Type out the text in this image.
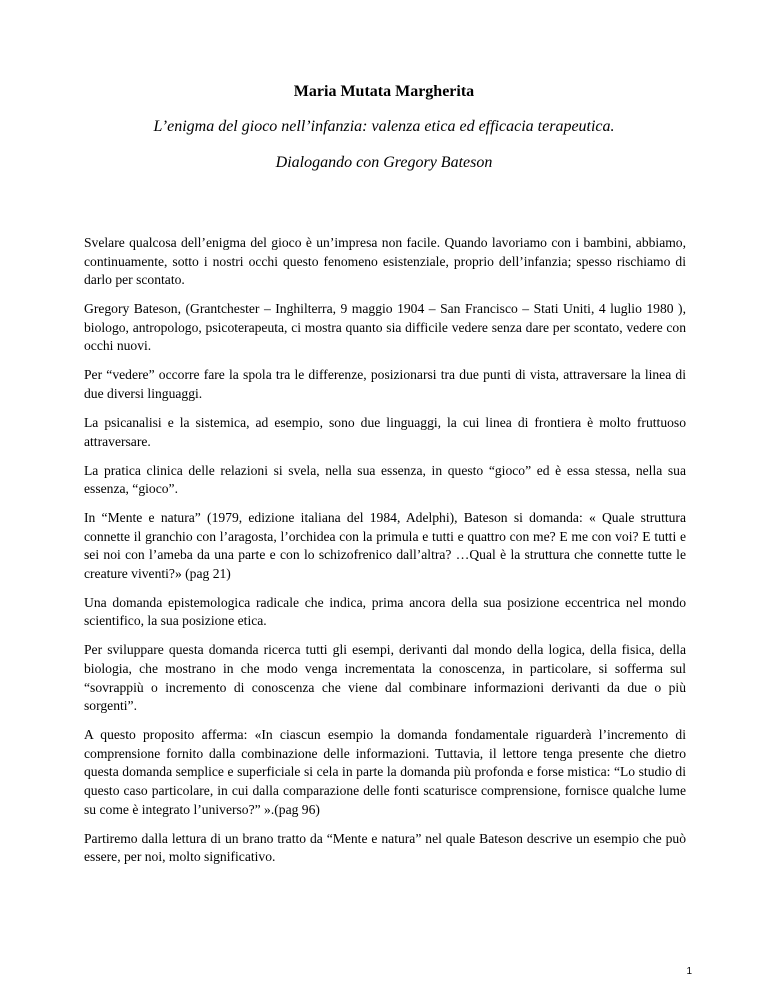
Maria Mutata Margherita
L’enigma del gioco nell’infanzia: valenza etica ed efficacia terapeutica.
Dialogando con Gregory Bateson

Svelare qualcosa dell’enigma del gioco è un’impresa non facile. Quando lavoriamo con i bambini, abbiamo, continuamente, sotto i nostri occhi questo fenomeno esistenziale, proprio dell’infanzia; spesso rischiamo di darlo per scontato.

Gregory Bateson, (Grantchester – Inghilterra, 9 maggio 1904 – San Francisco – Stati Uniti, 4 luglio 1980 ), biologo, antropologo, psicoterapeuta, ci mostra quanto sia difficile vedere senza dare per scontato, vedere con occhi nuovi.

Per “vedere” occorre fare la spola tra le differenze, posizionarsi tra due punti di vista, attraversare la linea di due diversi linguaggi.

La psicanalisi e la sistemica, ad esempio, sono due linguaggi, la cui linea di frontiera è molto fruttuoso attraversare.

La pratica clinica delle relazioni si svela, nella sua essenza, in questo “gioco” ed è essa stessa, nella sua essenza, “gioco”.

In “Mente e natura” (1979, edizione italiana del 1984, Adelphi), Bateson si domanda: « Quale struttura connette il granchio con l’aragosta, l’orchidea con la primula e tutti e quattro con me? E me con voi? E tutti e sei noi con l’ameba da una parte e con lo schizofrenico dall’altra? …Qual è la struttura che connette tutte le creature viventi?» (pag 21)

Una domanda epistemologica radicale che indica, prima ancora della sua posizione eccentrica nel mondo scientifico, la sua posizione etica.

Per sviluppare questa domanda ricerca tutti gli esempi, derivanti dal mondo della logica, della fisica, della biologia, che mostrano in che modo venga incrementata la conoscenza, in particolare, si sofferma sul “sovrappiù o incremento di conoscenza che viene dal combinare informazioni derivanti da due o più sorgenti”.

A questo proposito afferma: «In ciascun esempio la domanda fondamentale riguarderà l’incremento di comprensione fornito dalla combinazione delle informazioni. Tuttavia, il lettore tenga presente che dietro questa domanda semplice e superficiale si cela in parte la domanda più profonda e forse mistica: “Lo studio di questo caso particolare, in cui dalla comparazione delle fonti scaturisce comprensione, fornisce qualche lume su come è integrato l’universo?” ».(pag 96)

Partiremo dalla lettura di un brano tratto da “Mente e natura” nel quale Bateson descrive un esempio che può essere, per noi, molto significativo.

1
